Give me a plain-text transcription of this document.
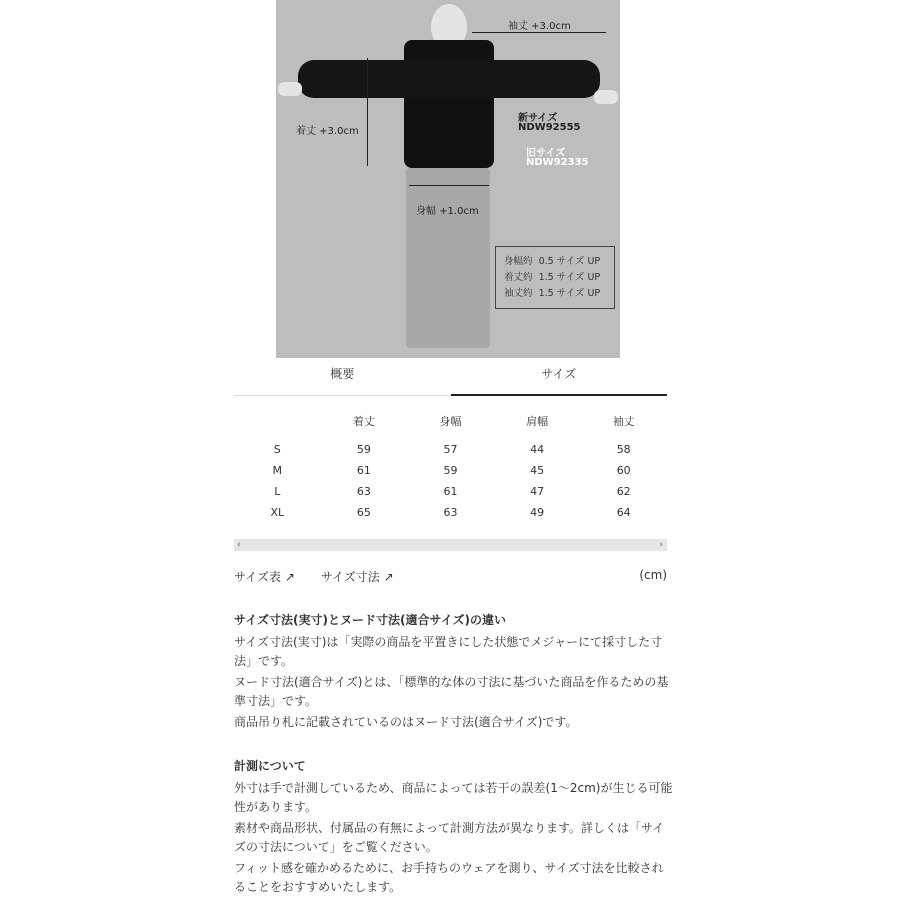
袖丈 +3.0cm
着丈 +3.0cm
身幅 +1.0cm
新サイズ
NDW92555
旧サイズ
NDW92335
身幅約 0.5 サイズ UP
着丈約 1.5 サイズ UP
袖丈約 1.5 サイズ UP
概要	サイズ
	着丈	身幅	肩幅	袖丈
S	59	57	44	58
M	61	59	45	60
L	63	61	47	62
XL	65	63	49	64
‹	›
サイズ表 ↗ サイズ寸法 ↗	(cm)
サイズ寸法(実寸)とヌード寸法(適合サイズ)の違い

サイズ寸法(実寸)は「実際の商品を平置きにした状態でメジャーにて採寸した寸法」です。

ヌード寸法(適合サイズ)とは、「標準的な体の寸法に基づいた商品を作るための基準寸法」です。

商品吊り札に記載されているのはヌード寸法(適合サイズ)です。

計測について

外寸は手で計測しているため、商品によっては若干の誤差(1〜2cm)が生じる可能性があります。

素材や商品形状、付属品の有無によって計測方法が異なります。詳しくは「サイズの寸法について」をご覧ください。

フィット感を確かめるために、お手持ちのウェアを測り、サイズ寸法を比較されることをおすすめいたします。
